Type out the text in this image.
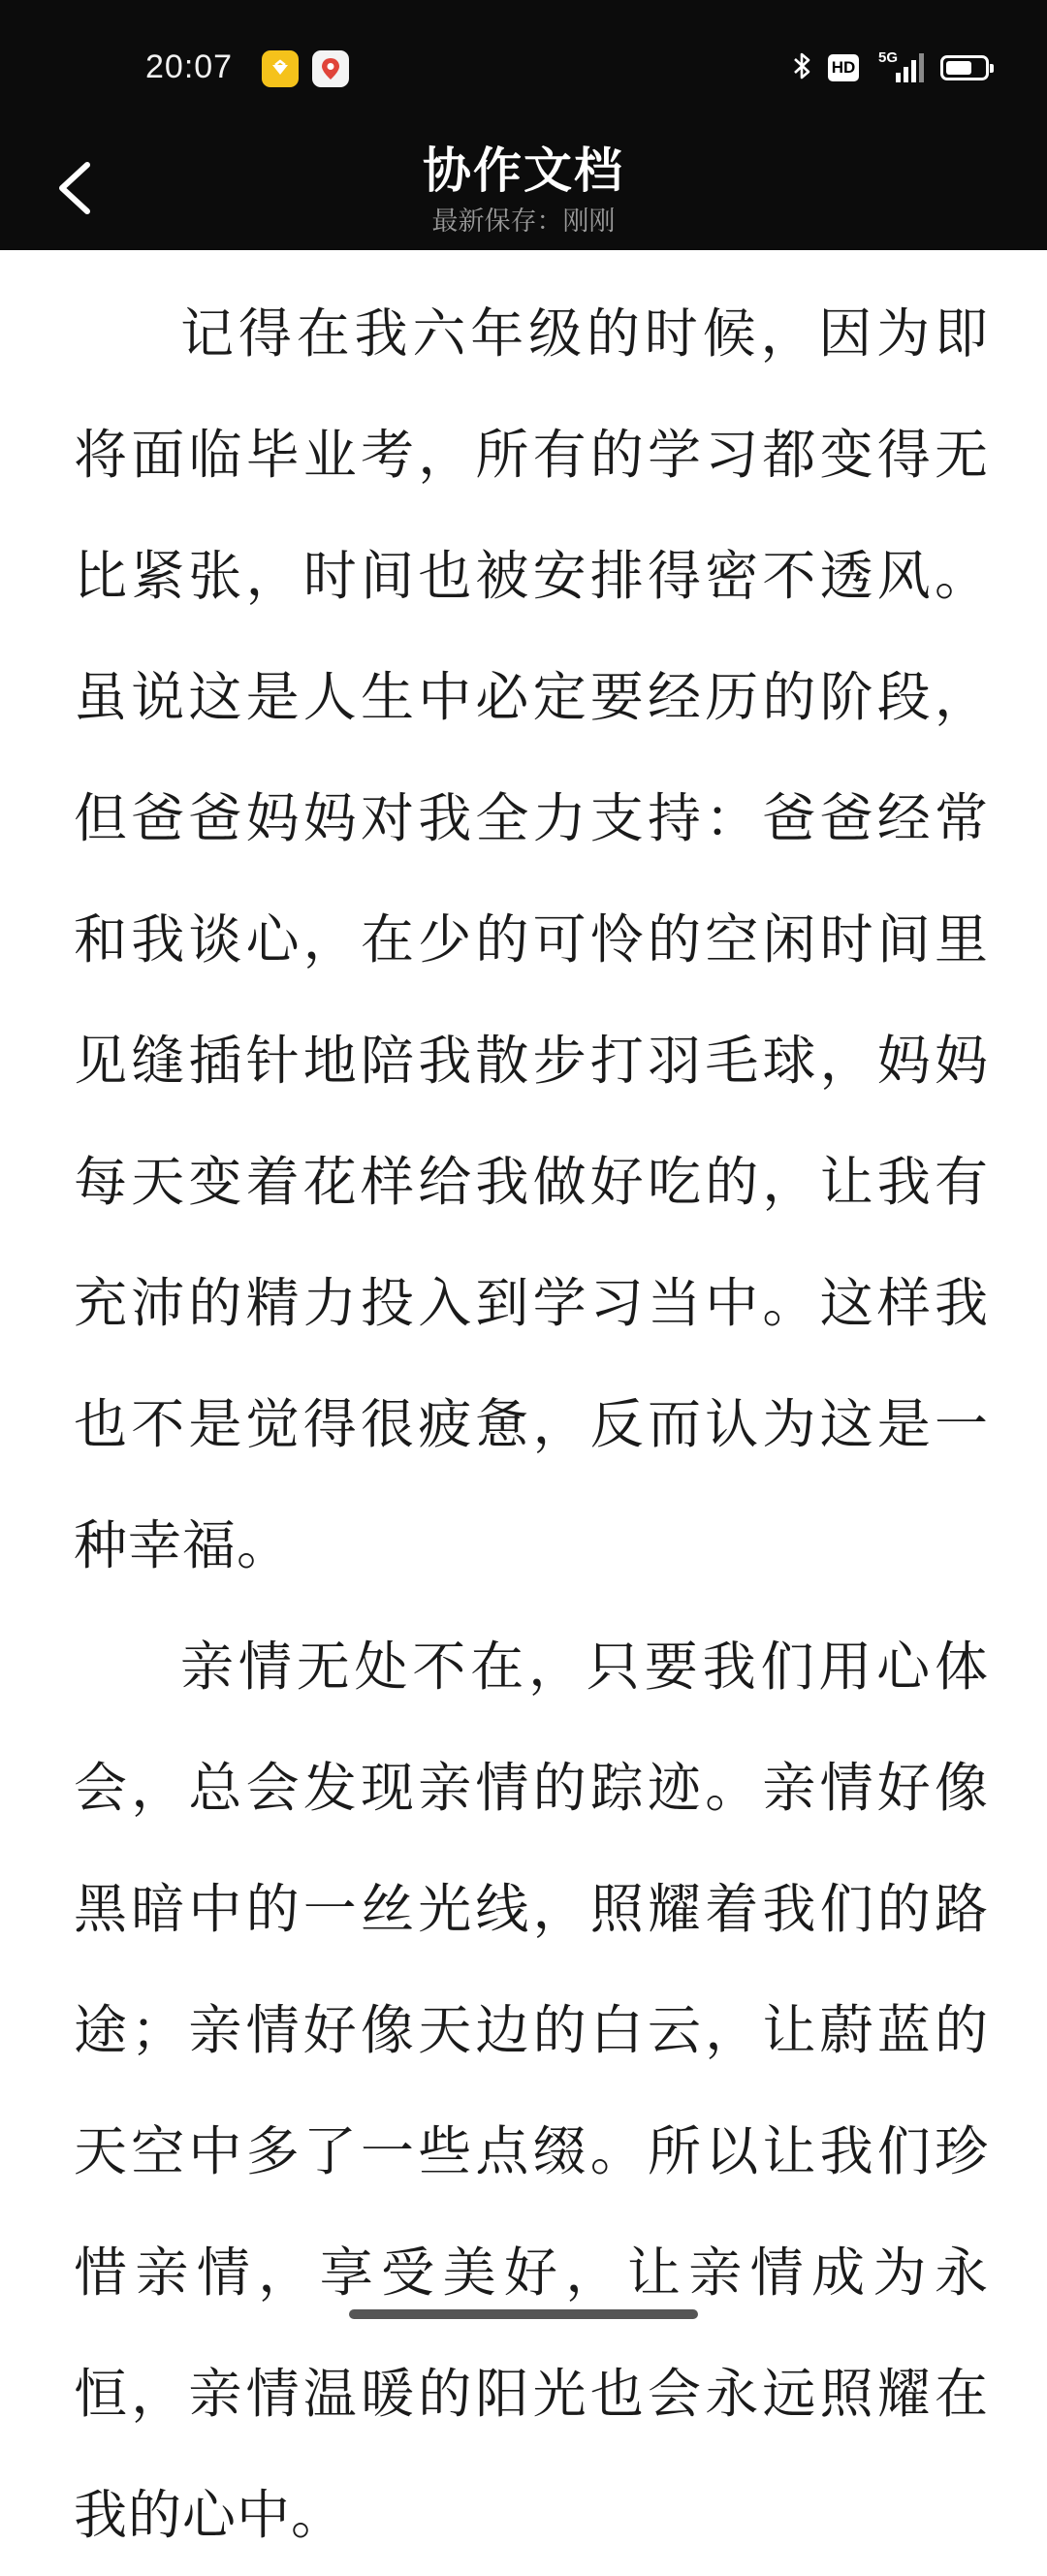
20:07	HD
5G
协作文档
最新保存：刚刚

记得在我六年级的时候，因为即将面临毕业考，所有的学习都变得无比紧张，时间也被安排得密不透风。虽说这是人生中必定要经历的阶段，但爸爸妈妈对我全力支持：爸爸经常和我谈心，在少的可怜的空闲时间里见缝插针地陪我散步打羽毛球，妈妈每天变着花样给我做好吃的，让我有充沛的精力投入到学习当中。这样我也不是觉得很疲惫，反而认为这是一种幸福。

亲情无处不在，只要我们用心体会，总会发现亲情的踪迹。亲情好像黑暗中的一丝光线，照耀着我们的路途；亲情好像天边的白云，让蔚蓝的天空中多了一些点缀。所以让我们珍惜亲情，享受美好，让亲情成为永恒，亲情温暖的阳光也会永远照耀在我的心中。
